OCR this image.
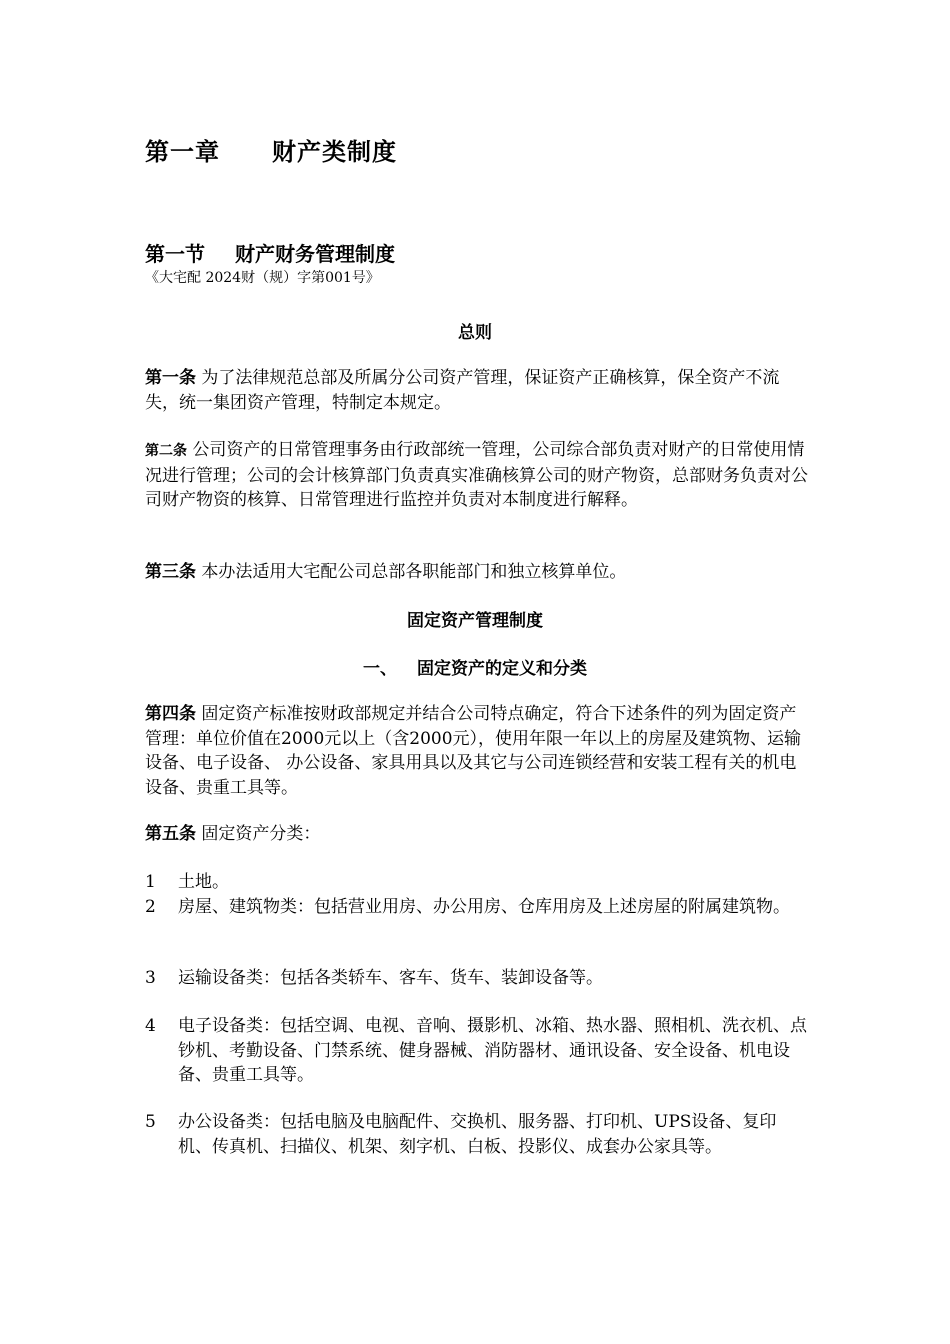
第一章 财产类制度
第一节 财产财务管理制度
《大宅配 2024财（规）字第001号》
总则
第一条 为了法律规范总部及所属分公司资产管理，保证资产正确核算，保全资产不流失，统一集团资产管理，特制定本规定。
第二条 公司资产的日常管理事务由行政部统一管理，公司综合部负责对财产的日常使用情况进行管理；公司的会计核算部门负责真实准确核算公司的财产物资，总部财务负责对公司财产物资的核算、日常管理进行监控并负责对本制度进行解释。
第三条 本办法适用大宅配公司总部各职能部门和独立核算单位。
固定资产管理制度
一、 固定资产的定义和分类
第四条 固定资产标准按财政部规定并结合公司特点确定，符合下述条件的列为固定资产管理：单位价值在2000元以上（含2000元），使用年限一年以上的房屋及建筑物、运输设备、电子设备、 办公设备、家具用具以及其它与公司连锁经营和安装工程有关的机电设备、贵重工具等。
第五条 固定资产分类：
1	土地。
2	房屋、建筑物类：包括营业用房、办公用房、仓库用房及上述房屋的附属建筑物。
3	运输设备类：包括各类轿车、客车、货车、装卸设备等。
4	电子设备类：包括空调、电视、音响、摄影机、冰箱、热水器、照相机、洗衣机、点钞机、考勤设备、门禁系统、健身器械、消防器材、通讯设备、安全设备、机电设备、贵重工具等。
5	办公设备类：包括电脑及电脑配件、交换机、服务器、打印机、UPS设备、复印机、传真机、扫描仪、机架、刻字机、白板、投影仪、成套办公家具等。
